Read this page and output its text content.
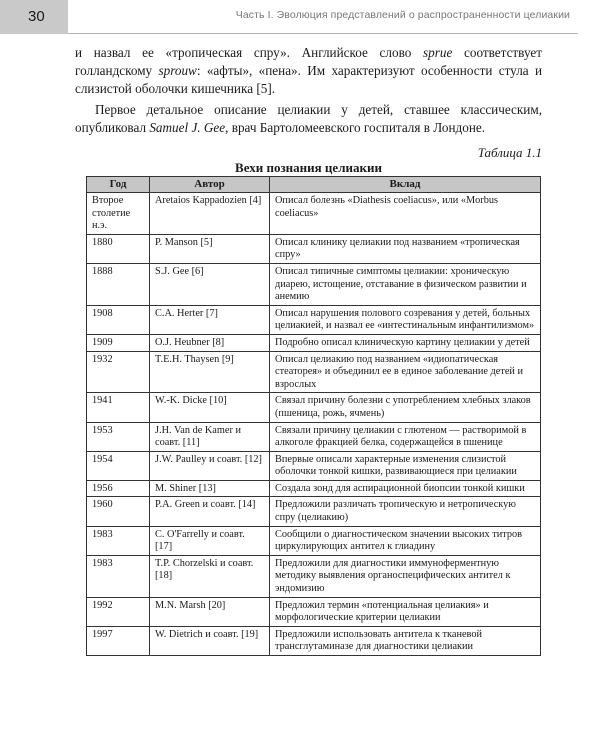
30	Часть I. Эволюция представлений о распространенности целиакии

и назвал ее «тропическая спру». Английское слово sprue соответствует голландскому sprouw: «афты», «пена». Им характеризуют особенности стула и слизистой оболочки кишечника [5].

Первое детальное описание целиакии у детей, ставшее классическим, опубликовал Samuel J. Gee, врач Бартоломеевского госпиталя в Лондоне.

Таблица 1.1
Вехи познания целиакии
Год	Автор	Вклад
Второе столетие н.э.	Aretaios Kappadozien [4]	Описал болезнь «Diathesis coeliacus», или «Morbus coeliacus»
1880	P. Manson [5]	Описал клинику целиакии под названием «тропическая спру»
1888	S.J. Gee [6]	Описал типичные симптомы целиакии: хроническую диарею, истощение, отставание в физическом развитии и анемию
1908	C.A. Herter [7]	Описал нарушения полового созревания у детей, больных целиакией, и назвал ее «интестинальным инфантилизмом»
1909	O.J. Heubner [8]	Подробно описал клиническую картину целиакии у детей
1932	T.E.H. Thaysen [9]	Описал целиакию под названием «идиопатическая стеаторея» и объединил ее в единое заболевание детей и взрослых
1941	W.-K. Dicke [10]	Связал причину болезни с употреблением хлебных злаков (пшеница, рожь, ячмень)
1953	J.H. Van de Kamer и соавт. [11]	Связали причину целиакии с глютеном — растворимой в алкоголе фракцией белка, содержащейся в пшенице
1954	J.W. Paulley и соавт. [12]	Впервые описали характерные изменения слизистой оболочки тонкой кишки, развивающиеся при целиакии
1956	M. Shiner [13]	Создала зонд для аспирационной биопсии тонкой кишки
1960	P.A. Green и соавт. [14]	Предложили различать тропическую и нетропическую спру (целиакию)
1983	C. O'Farrelly и соавт. [17]	Сообщили о диагностическом значении высоких титров циркулирующих антител к глиадину
1983	T.P. Chorzelski и соавт. [18]	Предложили для диагностики иммуноферментную методику выявления органоспецифических антител к эндомизию
1992	M.N. Marsh [20]	Предложил термин «потенциальная целиакия» и морфологические критерии целиакии
1997	W. Dietrich и соавт. [19]	Предложили использовать антитела к тканевой трансглутаминазе для диагностики целиакии
